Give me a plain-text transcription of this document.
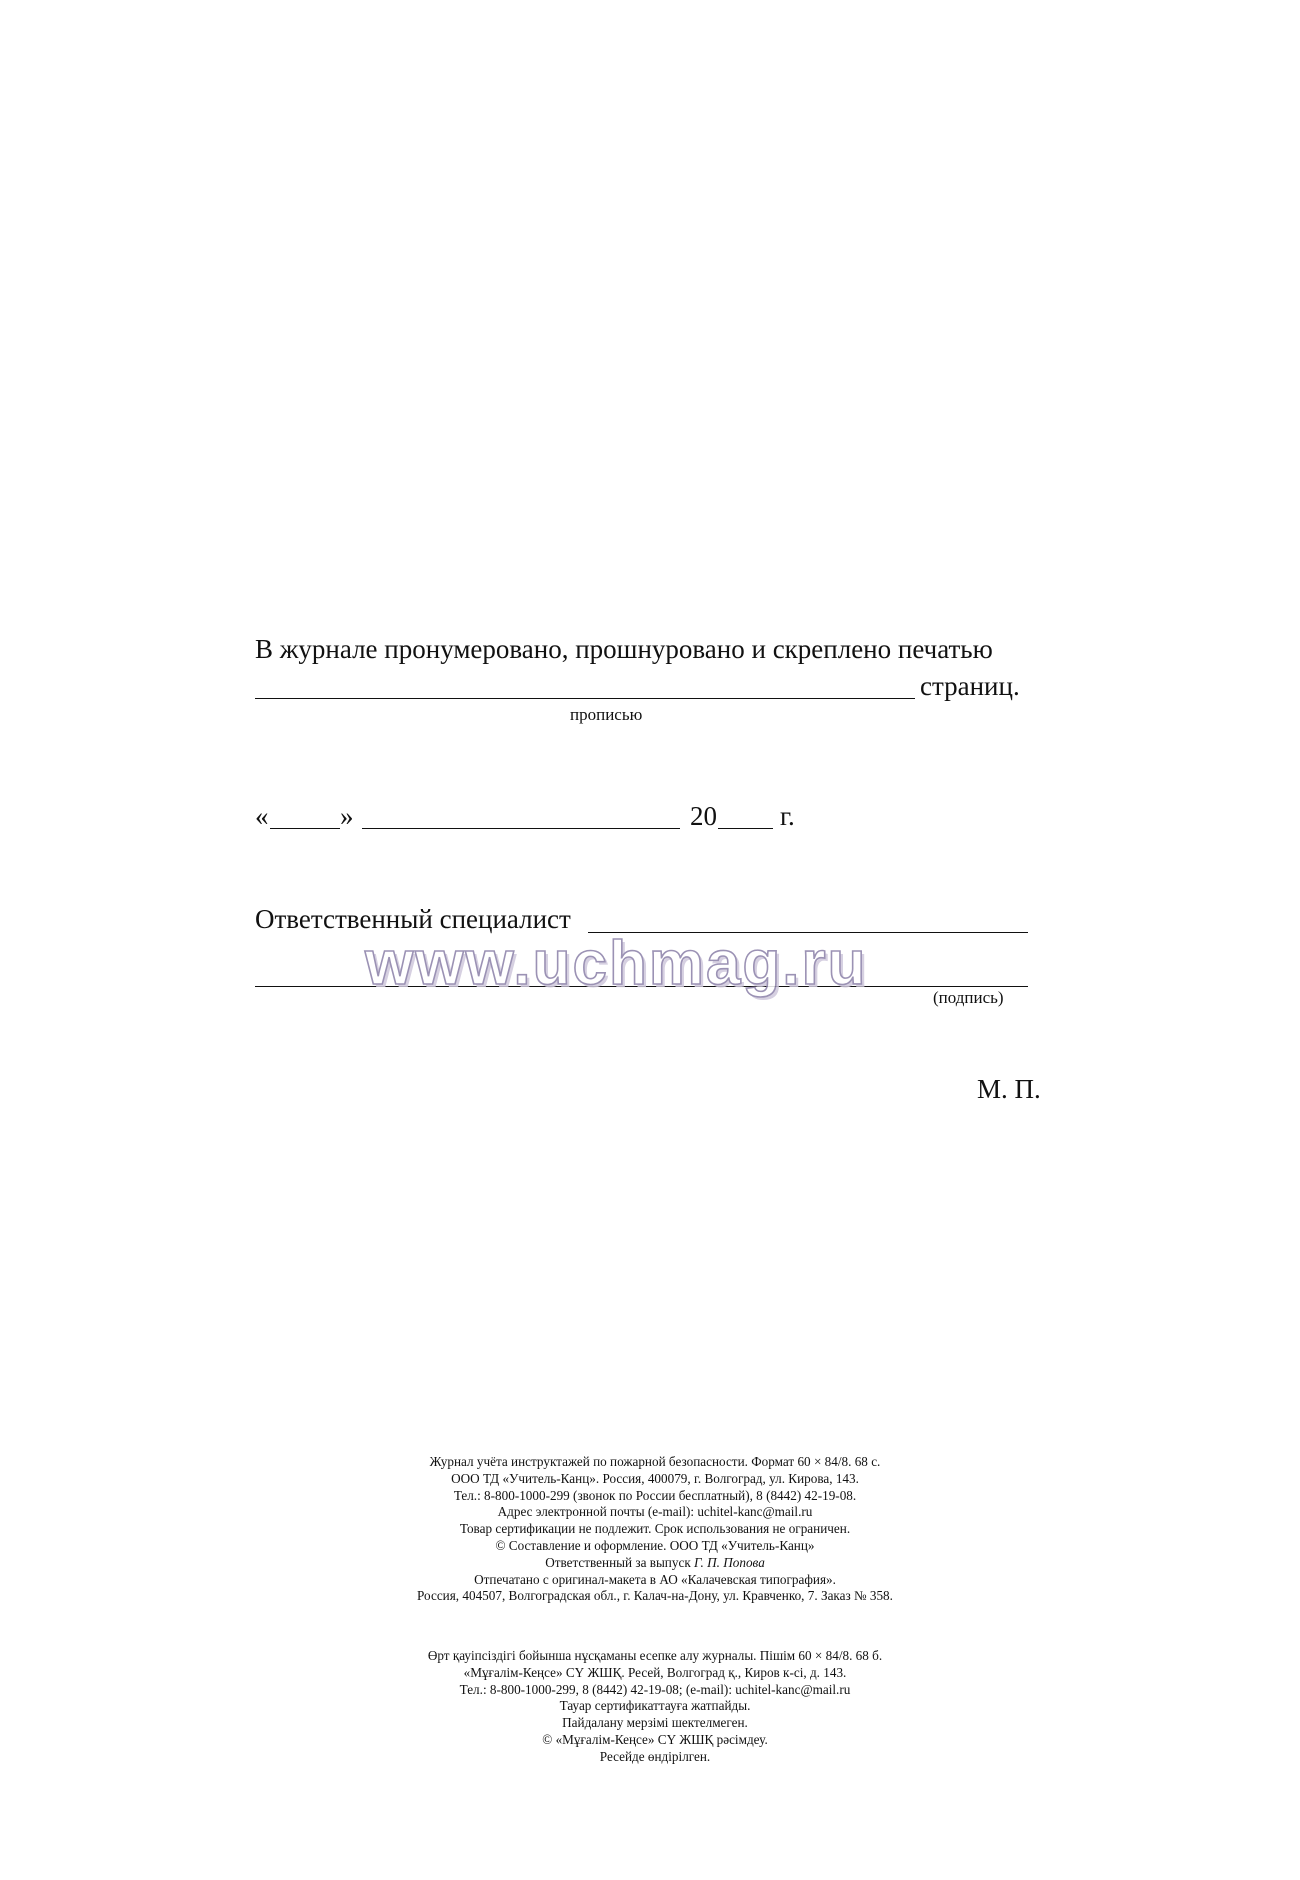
В журнале пронумеровано, прошнуровано и скреплено печатью
страниц.
прописью
«	»	20 г.
Ответственный специалист
(подпись)
www.uchmag.ru
М. П.
Журнал учёта инструктажей по пожарной безопасности. Формат 60 × 84/8. 68 с.
ООО ТД «Учитель-Канц». Россия, 400079, г. Волгоград, ул. Кирова, 143.
Тел.: 8-800-1000-299 (звонок по России бесплатный), 8 (8442) 42-19-08.
Адрес электронной почты (e-mail): uchitel-kanc@mail.ru
Товар сертификации не подлежит. Срок использования не ограничен.
© Составление и оформление. ООО ТД «Учитель-Канц»
Ответственный за выпуск Г. П. Попова
Отпечатано с оригинал-макета в АО «Калачевская типография».
Россия, 404507, Волгоградская обл., г. Калач-на-Дону, ул. Кравченко, 7. Заказ № 358.
Өрт қауіпсіздігі бойынша нұсқаманы есепке алу журналы. Пішім 60 × 84/8. 68 б.
«Мұғалім-Кеңсе» СҮ ЖШҚ. Ресей, Волгоград қ., Киров к-сі, д. 143.
Тел.: 8-800-1000-299, 8 (8442) 42-19-08; (e-mail): uchitel-kanc@mail.ru
Тауар сертификаттауға жатпайды.
Пайдалану мерзімі шектелмеген.
© «Мұғалім-Кеңсе» СҮ ЖШҚ рәсімдеу.
Ресейде өндірілген.
